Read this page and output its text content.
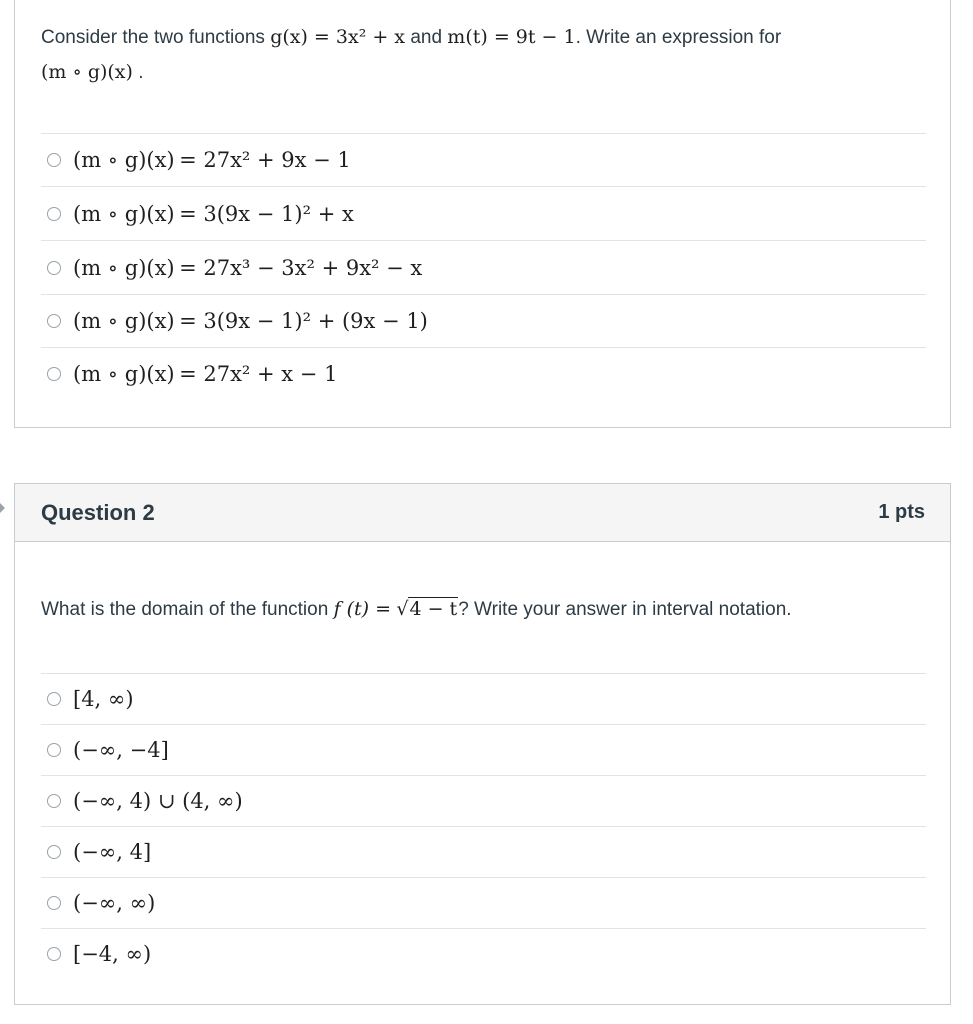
Consider the two functions g(x) = 3x² + x and m(t) = 9t − 1. Write an expression for
(m ∘ g)(x) .
(m ∘ g)(x)
= 27x² + 9x − 1
(m ∘ g)(x)
= 3(9x − 1)² + x
(m ∘ g)(x)
= 27x³ − 3x² + 9x² − x
(m ∘ g)(x)
= 3(9x − 1)² + (9x − 1)
(m ∘ g)(x)
= 27x² + x − 1
Question 2	1 pts
What is the domain of the function f (t) = √4 − t? Write your answer in interval notation.
[4, ∞)
(−∞, −4]
(−∞, 4) ∪ (4, ∞)
(−∞, 4]
(−∞, ∞)
[−4, ∞)
